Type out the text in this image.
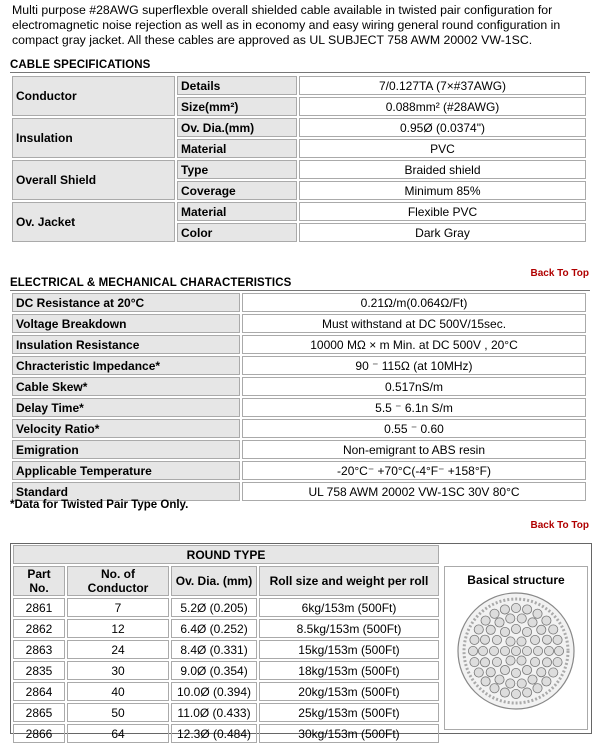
Multi purpose #28AWG superflexble overall shielded cable available in twisted pair configuration for electromagnetic noise rejection as well as in economy and easy wiring general round configuration in compact gray jacket. All these cables are approved as UL SUBJECT 758 AWM 20002 VW-1SC.
CABLE SPECIFICATIONS
Conductor	Details	7/0.127TA (7×#37AWG)
	Size(mm²)	0.088mm² (#28AWG)
Insulation	Ov. Dia.(mm)	0.95Ø (0.0374")
	Material	PVC
Overall Shield	Type	Braided shield
	Coverage	Minimum 85%
Ov. Jacket	Material	Flexible PVC
	Color	Dark Gray
Back To Top
ELECTRICAL & MECHANICAL CHARACTERISTICS
DC Resistance at 20°C	0.21Ω/m(0.064Ω/Ft)
Voltage Breakdown	Must withstand at DC 500V/15sec.
Insulation Resistance	10000 MΩ × m Min. at DC 500V , 20°C
Chracteristic Impedance*	90 ⁻ 115Ω (at 10MHz)
Cable Skew*	0.517nS/m
Delay Time*	5.5 ⁻ 6.1n S/m
Velocity Ratio*	0.55 ⁻ 0.60
Emigration	Non-emigrant to ABS resin
Applicable Temperature	-20°C⁻ +70°C(-4°F⁻ +158°F)
Standard	UL 758 AWM 20002 VW-1SC 30V 80°C
*Data for Twisted Pair Type Only.
Back To Top
ROUND TYPE			
Part No.	No. of Conductor	Ov. Dia. (mm)	Roll size and weight per roll
2861	7	5.2Ø (0.205)	6kg/153m (500Ft)
2862	12	6.4Ø (0.252)	8.5kg/153m (500Ft)
2863	24	8.4Ø (0.331)	15kg/153m (500Ft)
2835	30	9.0Ø (0.354)	18kg/153m (500Ft)
2864	40	10.0Ø (0.394)	20kg/153m (500Ft)
2865	50	11.0Ø (0.433)	25kg/153m (500Ft)
2866	64	12.3Ø (0.484)	30kg/153m (500Ft)
Basical structure
